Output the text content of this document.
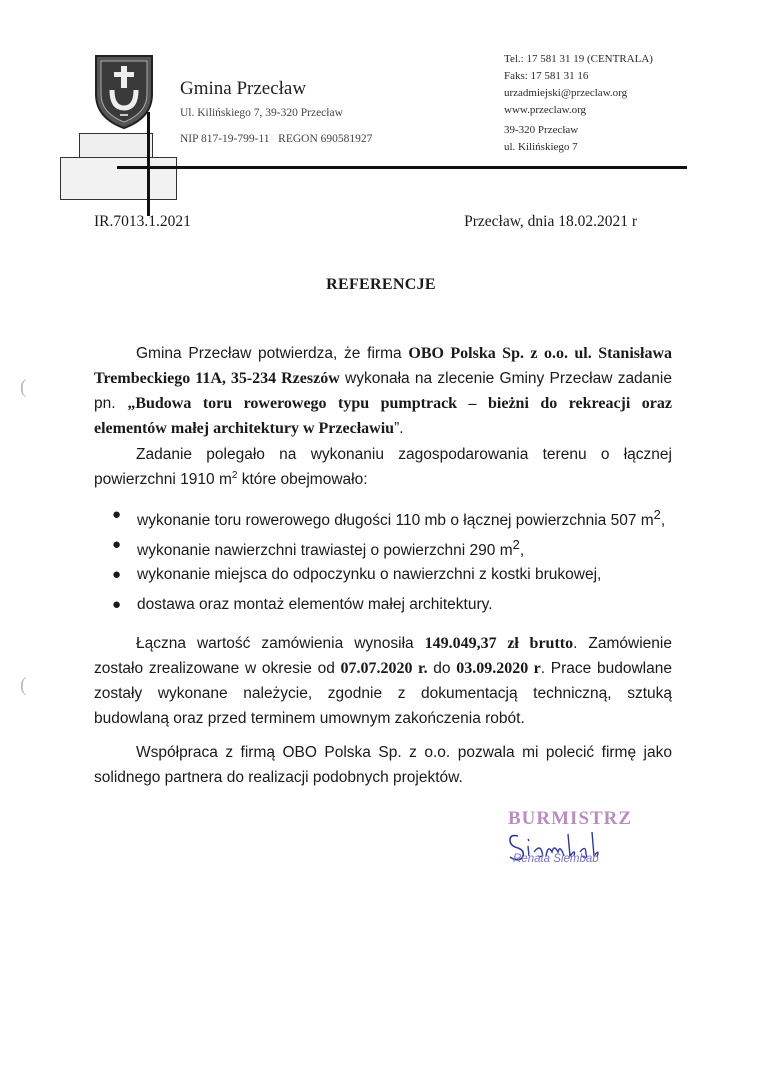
Gmina Przecław
Ul. Kilińskiego 7, 39-320 Przecław
NIP 817-19-799-11   REGON 690581927
Tel.: 17 581 31 19 (CENTRALA)
Faks: 17 581 31 16
urzadmiejski@przeclaw.org
www.przeclaw.org
39-320 Przecław
ul. Kilińskiego 7
IR.7013.1.2021	Przecław, dnia 18.02.2021 r
REFERENCJE
Gmina Przecław potwierdza, że firma OBO Polska Sp. z o.o. ul. Stanisława Trembeckiego 11A, 35-234 Rzeszów wykonała na zlecenie Gminy Przecław zadanie pn. „Budowa toru rowerowego typu pumptrack – bieżni do rekreacji oraz elementów małej architektury w Przecławiu”.
Zadanie polegało na wykonaniu zagospodarowania terenu o łącznej powierzchni 1910 $m^2$ które obejmowało:
● wykonanie toru rowerowego długości 110 mb o łącznej powierzchnia 507 $m^2$,
● wykonanie nawierzchni trawiastej o powierzchni 290 $m^2$,
● wykonanie miejsca do odpoczynku o nawierzchni z kostki brukowej,
● dostawa oraz montaż elementów małej architektury.
Łączna wartość zamówienia wynosiła 149.049,37 zł brutto. Zamówienie zostało zrealizowane w okresie od 07.07.2020 r. do 03.09.2020 r. Prace budowlane zostały wykonane należycie, zgodnie z dokumentacją techniczną, sztuką budowlaną oraz przed terminem umownym zakończenia robót.
Współpraca z firmą OBO Polska Sp. z o.o. pozwala mi polecić firmę jako solidnego partnera do realizacji podobnych projektów.
BURMISTRZ
Renata Siembab
(
(
